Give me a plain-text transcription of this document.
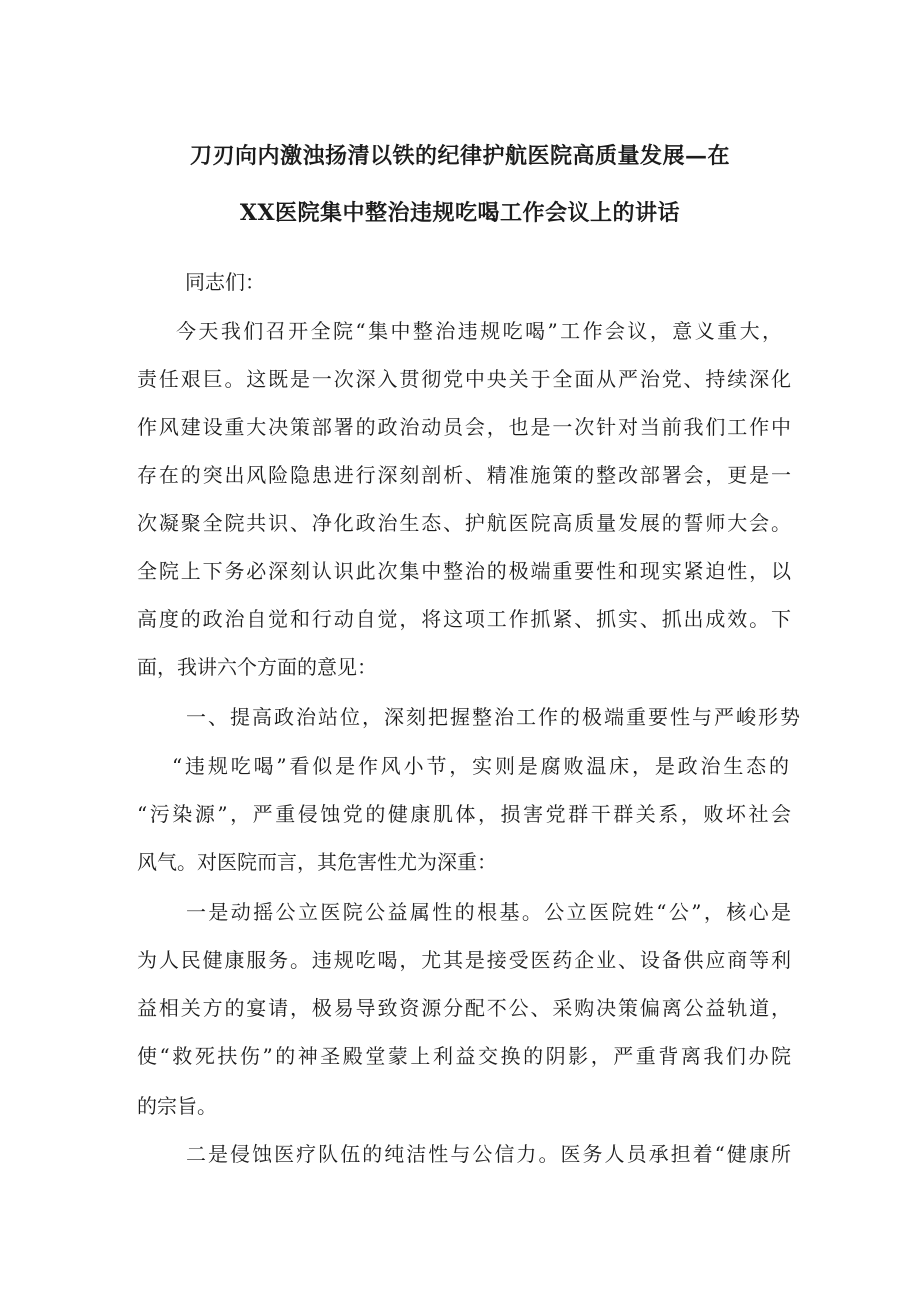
刀刃向内激浊扬清以铁的纪律护航医院高质量发展—在
XX医院集中整治违规吃喝工作会议上的讲话
同志们：
今天我们召开全院“集中整治违规吃喝”工作会议，意义重大，
责任艰巨。这既是一次深入贯彻党中央关于全面从严治党、持续深化
作风建设重大决策部署的政治动员会，也是一次针对当前我们工作中
存在的突出风险隐患进行深刻剖析、精准施策的整改部署会，更是一
次凝聚全院共识、净化政治生态、护航医院高质量发展的誓师大会。
全院上下务必深刻认识此次集中整治的极端重要性和现实紧迫性，以
高度的政治自觉和行动自觉，将这项工作抓紧、抓实、抓出成效。下
面，我讲六个方面的意见：
一、提高政治站位，深刻把握整治工作的极端重要性与严峻形势
“违规吃喝”看似是作风小节，实则是腐败温床，是政治生态的
“污染源”，严重侵蚀党的健康肌体，损害党群干群关系，败坏社会
风气。对医院而言，其危害性尤为深重：
一是动摇公立医院公益属性的根基。公立医院姓“公”，核心是
为人民健康服务。违规吃喝，尤其是接受医药企业、设备供应商等利
益相关方的宴请，极易导致资源分配不公、采购决策偏离公益轨道，
使“救死扶伤”的神圣殿堂蒙上利益交换的阴影，严重背离我们办院
的宗旨。
二是侵蚀医疗队伍的纯洁性与公信力。医务人员承担着“健康所
